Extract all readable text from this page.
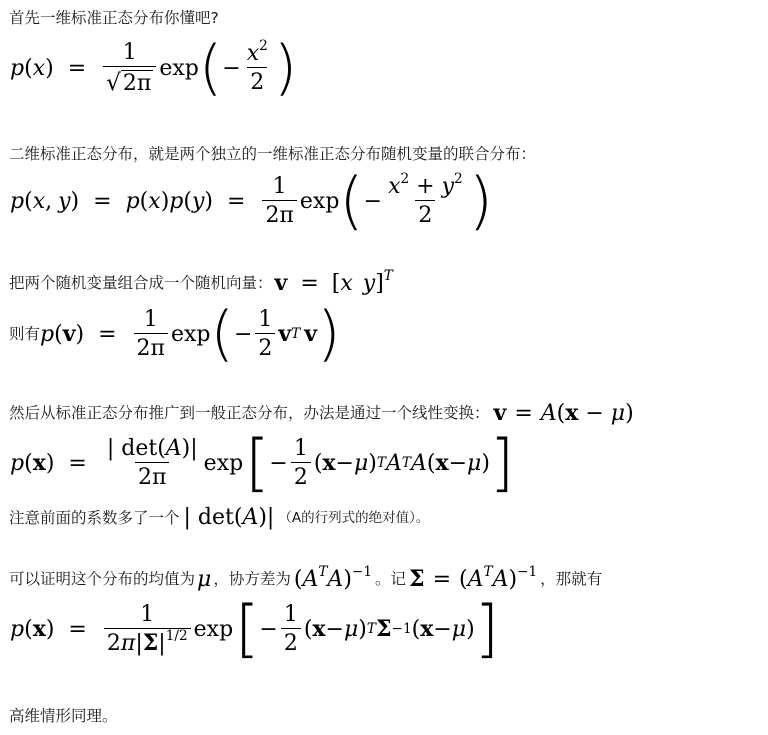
首先一维标准正态分布你懂吧?
p ( x )
= $\frac{1}{√ 2\pi}$ exp ( − $\frac{x^2}{2}$ )
二维标准正态分布，就是两个独立的一维标准正态分布随机变量的联合分布：
p ( x , y )
= p ( x ) p ( y )
= $\frac{1}{2\pi}$ exp ( − $\frac{x^2 + y^2}{2}$ )
把两个随机变量组合成一个随机向量： v = [x y]$^T$
则有 p ( v )
= $\frac{1}{2\pi}$ exp ( − $\frac{1}{2}$ v T v )
然后从标准正态分布推广到一般正态分布，办法是通过一个线性变换： v = A(x − μ)
p ( x )
= $\frac{| \det(A)|}{2\pi}$ exp [ − $\frac{1}{2}$ ( x − μ ) T A T A ( x − μ ) ]
注意前面的系数多了一个 | det(A)| （A的行列式的绝对值）。
可以证明这个分布的均值为 μ ，协方差为 $(A^TA)^{-1}$ 。记 $\Sigma = (A^TA)^{-1}$ ，那就有
p ( x )
= $\frac{1}{2\pi|\Sigma|^{1/2}}$ exp [ − $\frac{1}{2}$ ( x − μ ) T Σ −1 ( x − μ ) ]
高维情形同理。
